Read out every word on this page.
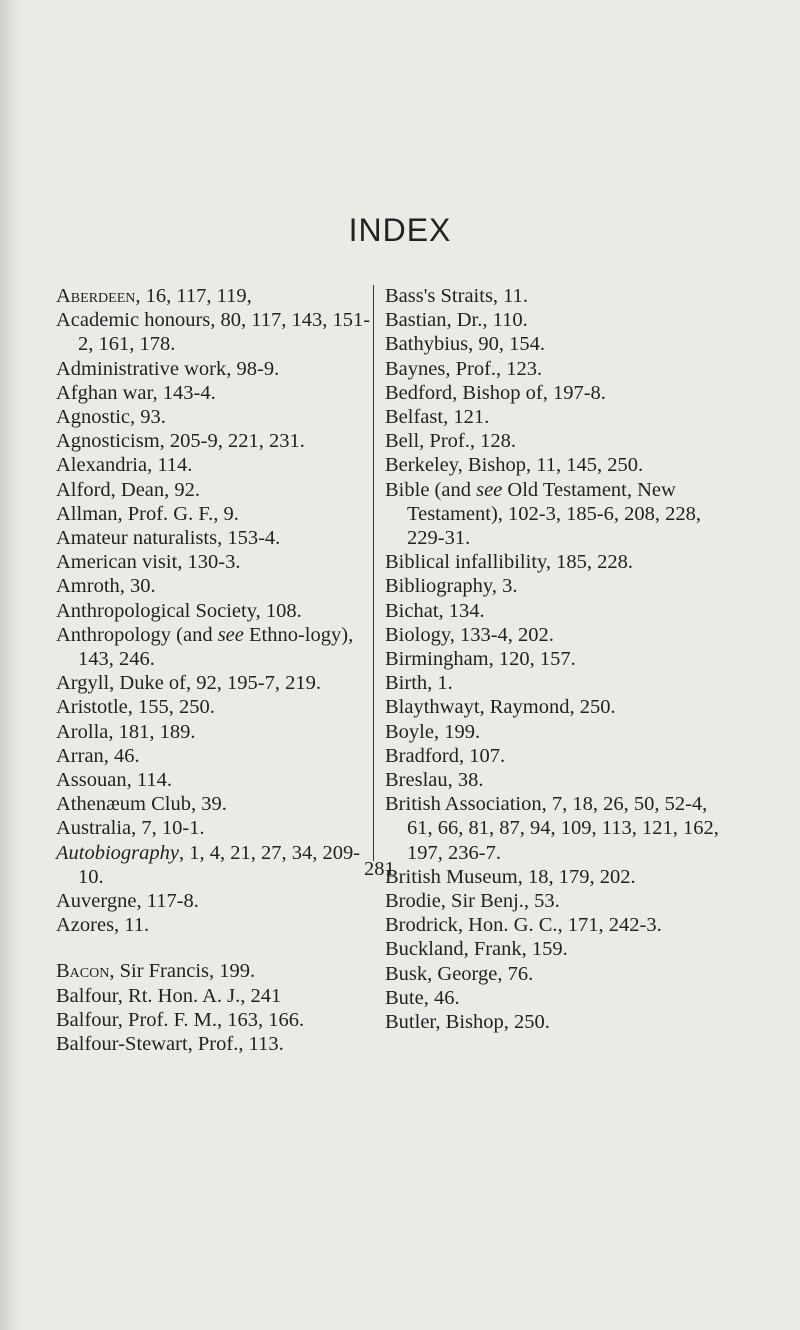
INDEX
Aberdeen, 16, 117, 119,
Academic honours, 80, 117, 143, 151-2, 161, 178.
Administrative work, 98-9.
Afghan war, 143-4.
Agnostic, 93.
Agnosticism, 205-9, 221, 231.
Alexandria, 114.
Alford, Dean, 92.
Allman, Prof. G. F., 9.
Amateur naturalists, 153-4.
American visit, 130-3.
Amroth, 30.
Anthropological Society, 108.
Anthropology (and see Ethno-logy), 143, 246.
Argyll, Duke of, 92, 195-7, 219.
Aristotle, 155, 250.
Arolla, 181, 189.
Arran, 46.
Assouan, 114.
Athenæum Club, 39.
Australia, 7, 10-1.
Autobiography, 1, 4, 21, 27, 34, 209-10.
Auvergne, 117-8.
Azores, 11.
Bacon, Sir Francis, 199.
Balfour, Rt. Hon. A. J., 241
Balfour, Prof. F. M., 163, 166.
Balfour-Stewart, Prof., 113.
Bass's Straits, 11.
Bastian, Dr., 110.
Bathybius, 90, 154.
Baynes, Prof., 123.
Bedford, Bishop of, 197-8.
Belfast, 121.
Bell, Prof., 128.
Berkeley, Bishop, 11, 145, 250.
Bible (and see Old Testament, New Testament), 102-3, 185-6, 208, 228, 229-31.
Biblical infallibility, 185, 228.
Bibliography, 3.
Bichat, 134.
Biology, 133-4, 202.
Birmingham, 120, 157.
Birth, 1.
Blaythwayt, Raymond, 250.
Boyle, 199.
Bradford, 107.
Breslau, 38.
British Association, 7, 18, 26, 50, 52-4, 61, 66, 81, 87, 94, 109, 113, 121, 162, 197, 236-7.
British Museum, 18, 179, 202.
Brodie, Sir Benj., 53.
Brodrick, Hon. G. C., 171, 242-3.
Buckland, Frank, 159.
Busk, George, 76.
Bute, 46.
Butler, Bishop, 250.
281
